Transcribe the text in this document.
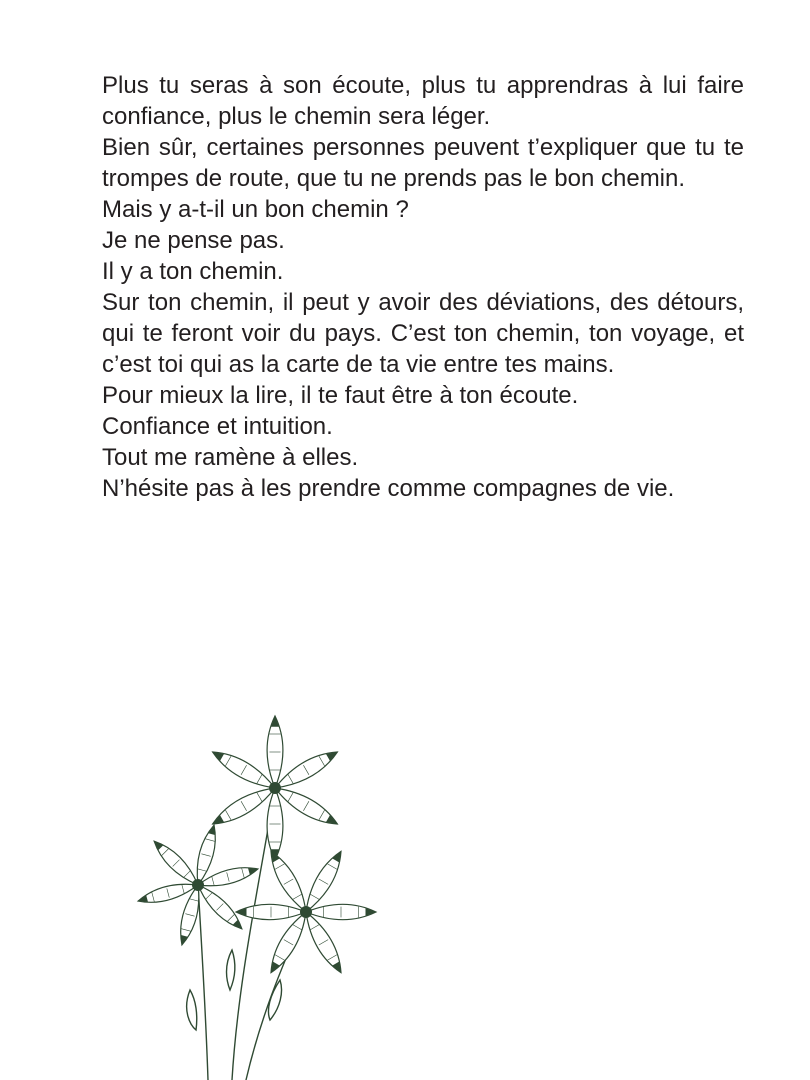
Plus tu seras à son écoute, plus tu apprendras à lui faire confiance, plus le chemin sera léger.

Bien sûr, certaines personnes peuvent t’expliquer que tu te trompes de route, que tu ne prends pas le bon chemin.

Mais y a-t-il un bon chemin ?

Je ne pense pas.

Il y a ton chemin.

Sur ton chemin, il peut y avoir des déviations, des détours, qui te feront voir du pays. C’est ton chemin, ton voyage, et c’est toi qui as la carte de ta vie entre tes mains.

Pour mieux la lire, il te faut être à ton écoute.

Confiance et intuition.

Tout me ramène à elles.

N’hésite pas à les prendre comme compagnes de vie.
